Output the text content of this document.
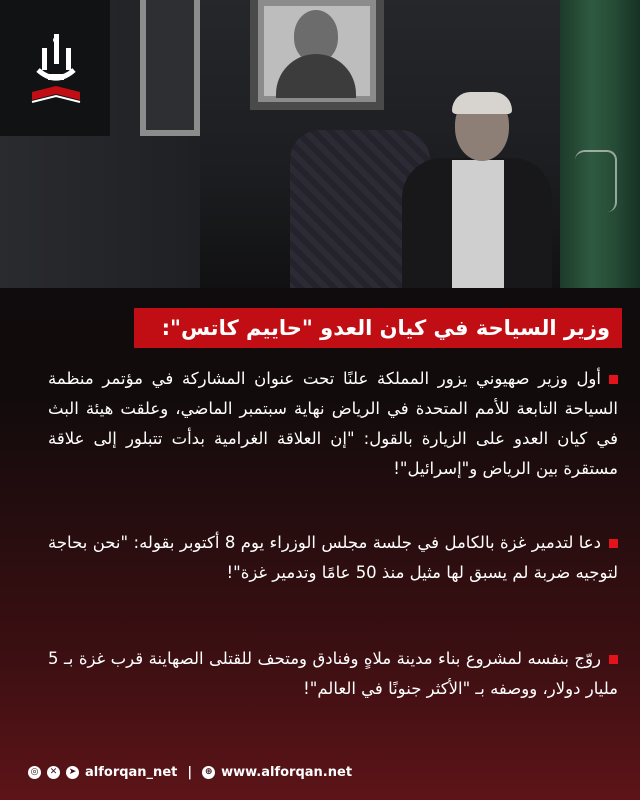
وزير السياحة في كيان العدو "حاييم كاتس":
أول وزير صهيوني يزور المملكة علنًا تحت عنوان المشاركة في مؤتمر منظمة السياحة التابعة للأمم المتحدة في الرياض نهاية سبتمبر الماضي، وعلقت هيئة البث في كيان العدو على الزيارة بالقول: "إن العلاقة الغرامية بدأت تتبلور إلى علاقة مستقرة بين الرياض و"إسرائيل"!
دعا لتدمير غزة بالكامل في جلسة مجلس الوزراء يوم 8 أكتوبر بقوله: "نحن بحاجة لتوجيه ضربة لم يسبق لها مثيل منذ 50 عامًا وتدمير غزة"!
روّج بنفسه لمشروع بناء مدينة ملاهٍ وفنادق ومتحف للقتلى الصهاينة قرب غزة بـ 5 مليار دولار، ووصفه بـ "الأكثر جنونًا في العالم"!
◎	✕	➤ alforqan_net |	⊕ www.alforqan.net
